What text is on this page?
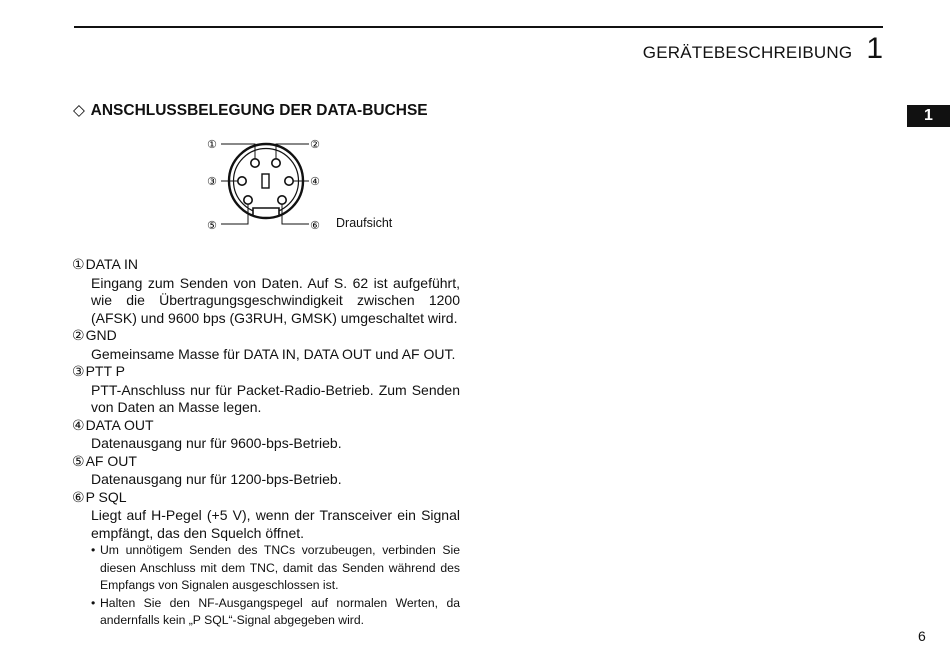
GERÄTEBESCHREIBUNG 1
1
◇ ANSCHLUSSBELEGUNG DER DATA-BUCHSE
①	②
③	④
⑤	⑥ Draufsicht
①DATA IN
Eingang zum Senden von Daten. Auf S. 62 ist aufgeführt, wie die Übertragungsgeschwindigkeit zwischen 1200 (AFSK) und 9600 bps (G3RUH, GMSK) umgeschaltet wird.
②GND
Gemeinsame Masse für DATA IN, DATA OUT und AF OUT.
③PTT P
PTT-Anschluss nur für Packet-Radio-Betrieb. Zum Senden von Daten an Masse legen.
④DATA OUT
Datenausgang nur für 9600-bps-Betrieb.
⑤AF OUT
Datenausgang nur für 1200-bps-Betrieb.
⑥P SQL
Liegt auf H-Pegel (+5 V), wenn der Transceiver ein Signal empfängt, das den Squelch öffnet.
• Um unnötigem Senden des TNCs vorzubeugen, verbinden Sie diesen Anschluss mit dem TNC, damit das Senden während des Empfangs von Signalen ausgeschlossen ist.
• Halten Sie den NF-Ausgangspegel auf normalen Werten, da andernfalls kein „P SQL“-Signal abgegeben wird.
6
